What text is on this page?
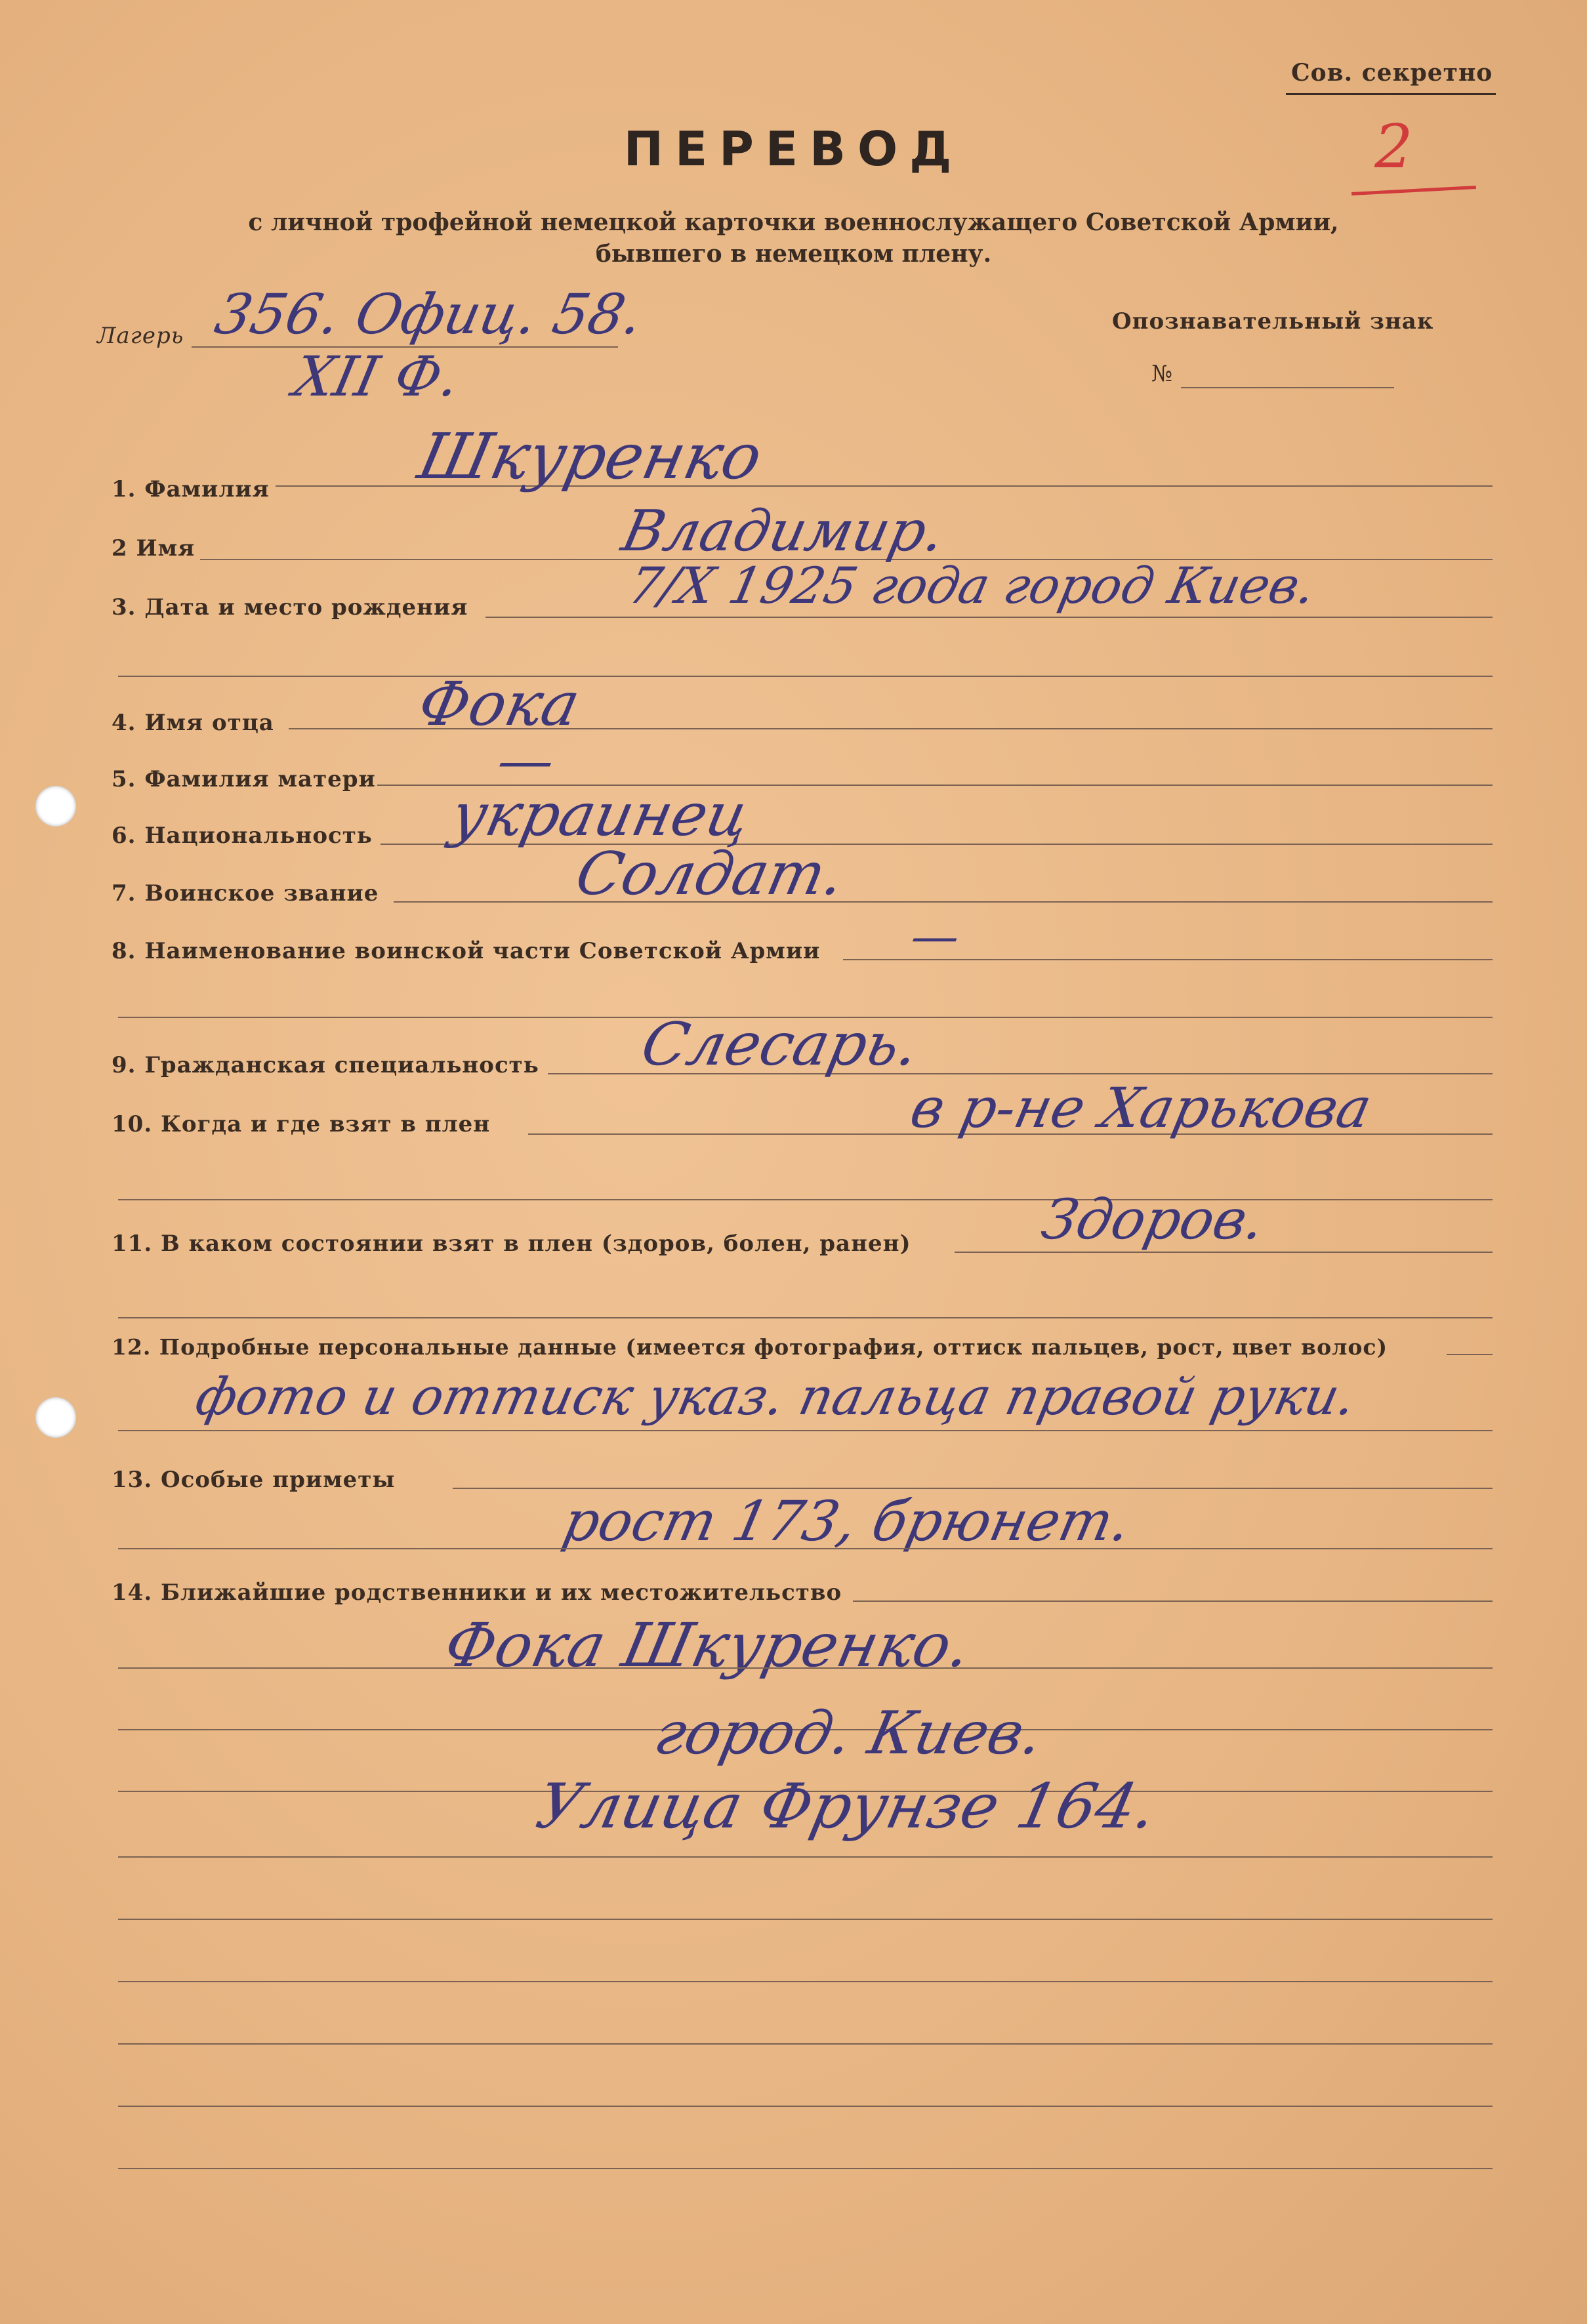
Сов. секретно
2
ПЕРЕВОД
с личной трофейной немецкой карточки военнослужащего Советской Армии,
бывшего в немецком плену.
Лагерь 356. Офиц. 58.
XII Ф.
Опознавательный знак
№
1. Фамилия Шкуренко
2 Имя	Владимир.
3. Дата и место рождения	7/X 1925 года город Киев.
4. Имя отца Фока
5. Фамилия матери —
6. Национальность украинец
7. Воинское звание	Солдат.
8. Наименование воинской части Советской Армии —
9. Гражданская специальность Слесарь.
10. Когда и где взят в плен	в р-не Харькова
11. В каком состоянии взят в плен (здоров, болен, ранен) Здоров.
12. Подробные персональные данные (имеется фотография, оттиск пальцев, рост, цвет волос)
фото и оттиск указ. пальца правой руки.
13. Особые приметы
рост 173, брюнет.
14. Ближайшие родственники и их местожительство
Фока Шкуренко.
город. Киев.
Улица Фрунзе 164.
